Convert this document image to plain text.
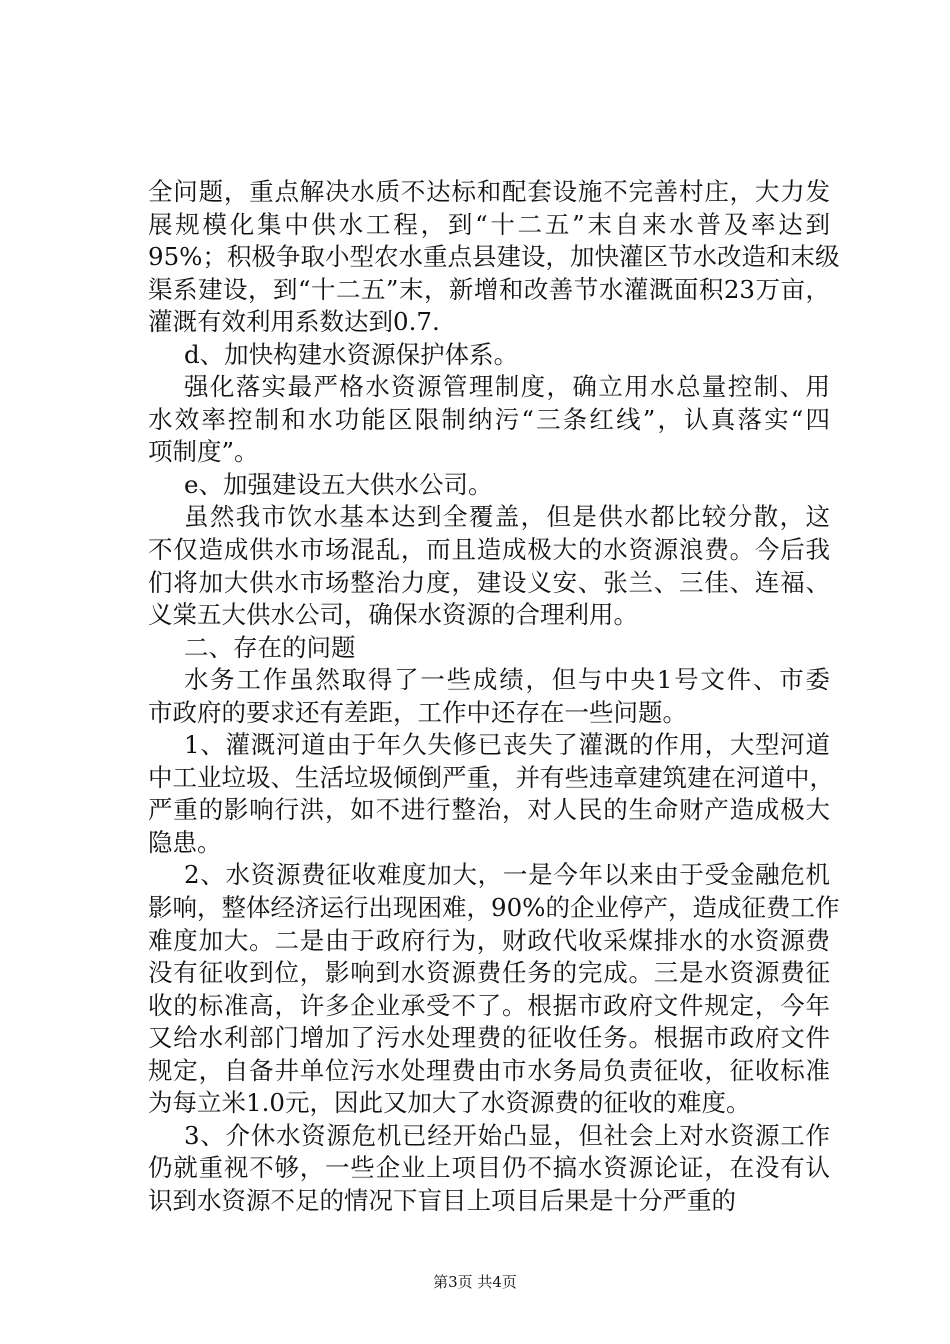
全问题，重点解决水质不达标和配套设施不完善村庄，大力发
展规模化集中供水工程，到“十二五”末自来水普及率达到
95%；积极争取小型农水重点县建设，加快灌区节水改造和末级
渠系建设，到“十二五”末，新增和改善节水灌溉面积23万亩，
灌溉有效利用系数达到0.7.
d、加快构建水资源保护体系。
强化落实最严格水资源管理制度，确立用水总量控制、用
水效率控制和水功能区限制纳污“三条红线”，认真落实“四
项制度”。
e、加强建设五大供水公司。
虽然我市饮水基本达到全覆盖，但是供水都比较分散，这
不仅造成供水市场混乱，而且造成极大的水资源浪费。今后我
们将加大供水市场整治力度，建设义安、张兰、三佳、连福、
义棠五大供水公司，确保水资源的合理利用。
二、存在的问题
水务工作虽然取得了一些成绩，但与中央1号文件、市委
市政府的要求还有差距，工作中还存在一些问题。
1、灌溉河道由于年久失修已丧失了灌溉的作用，大型河道
中工业垃圾、生活垃圾倾倒严重，并有些违章建筑建在河道中，
严重的影响行洪，如不进行整治，对人民的生命财产造成极大
隐患。
2、水资源费征收难度加大，一是今年以来由于受金融危机
影响，整体经济运行出现困难，90%的企业停产，造成征费工作
难度加大。二是由于政府行为，财政代收采煤排水的水资源费
没有征收到位，影响到水资源费任务的完成。三是水资源费征
收的标准高，许多企业承受不了。根据市政府文件规定，今年
又给水利部门增加了污水处理费的征收任务。根据市政府文件
规定，自备井单位污水处理费由市水务局负责征收，征收标准
为每立米1.0元，因此又加大了水资源费的征收的难度。
3、介休水资源危机已经开始凸显，但社会上对水资源工作
仍就重视不够，一些企业上项目仍不搞水资源论证，在没有认
识到水资源不足的情况下盲目上项目后果是十分严重的
第3页 共4页
